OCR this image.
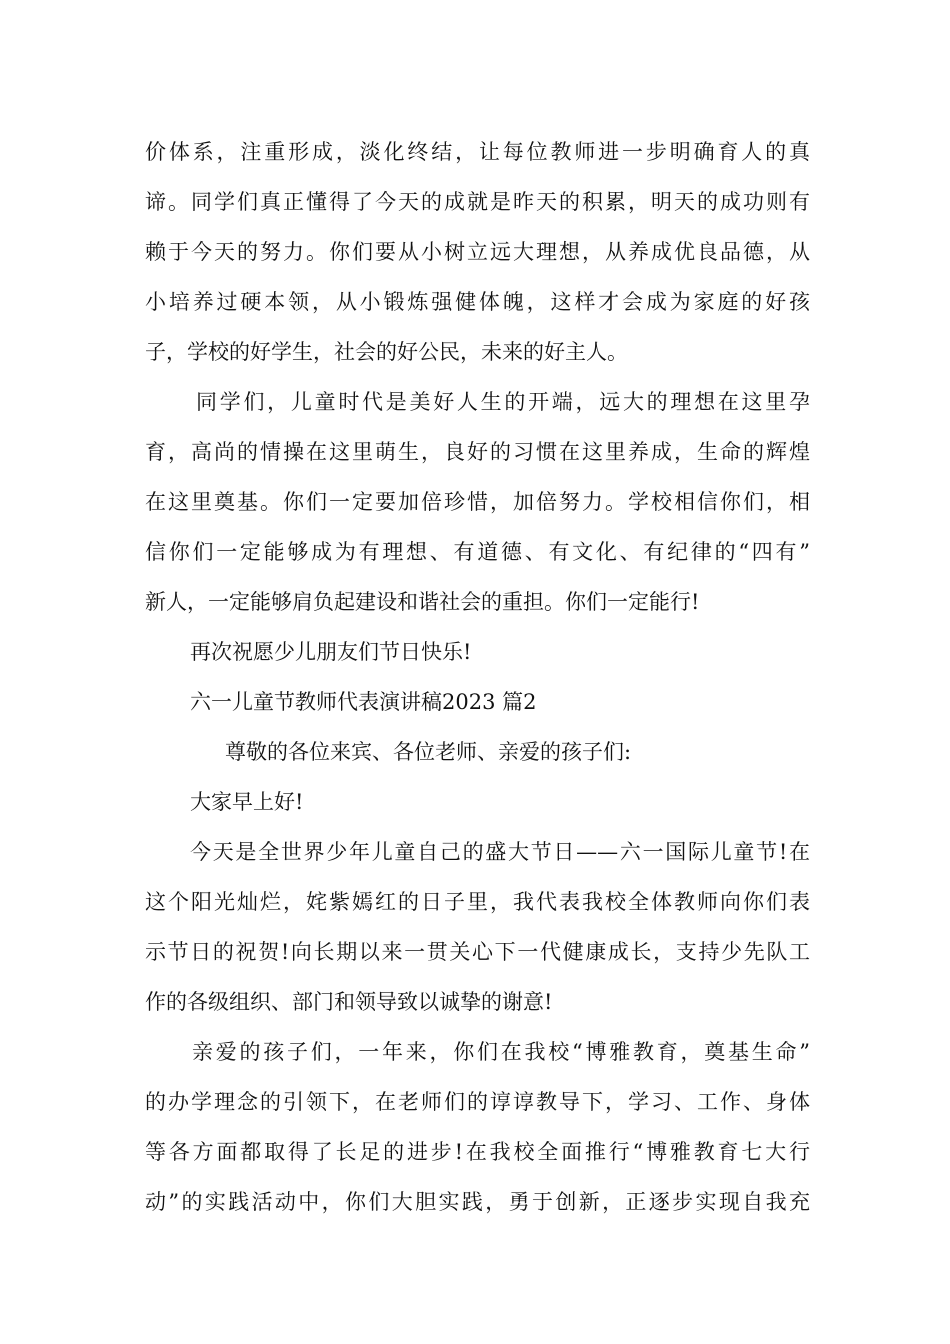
价体系，注重形成，淡化终结，让每位教师进一步明确育人的真
谛。同学们真正懂得了今天的成就是昨天的积累，明天的成功则有
赖于今天的努力。你们要从小树立远大理想，从养成优良品德，从
小培养过硬本领，从小锻炼强健体魄，这样才会成为家庭的好孩
子，学校的好学生，社会的好公民，未来的好主人。
同学们，儿童时代是美好人生的开端，远大的理想在这里孕
育，高尚的情操在这里萌生，良好的习惯在这里养成，生命的辉煌
在这里奠基。你们一定要加倍珍惜，加倍努力。学校相信你们，相
信你们一定能够成为有理想、有道德、有文化、有纪律的“四有”
新人，一定能够肩负起建设和谐社会的重担。你们一定能行!
再次祝愿少儿朋友们节日快乐!
六一儿童节教师代表演讲稿2023 篇2
尊敬的各位来宾、各位老师、亲爱的孩子们:
大家早上好!
今天是全世界少年儿童自己的盛大节日——六一国际儿童节!在
这个阳光灿烂，姹紫嫣红的日子里，我代表我校全体教师向你们表
示节日的祝贺!向长期以来一贯关心下一代健康成长，支持少先队工
作的各级组织、部门和领导致以诚挚的谢意!
亲爱的孩子们，一年来，你们在我校“博雅教育，奠基生命”
的办学理念的引领下，在老师们的谆谆教导下，学习、工作、身体
等各方面都取得了长足的进步!在我校全面推行“博雅教育七大行
动”的实践活动中，你们大胆实践，勇于创新，正逐步实现自我充
